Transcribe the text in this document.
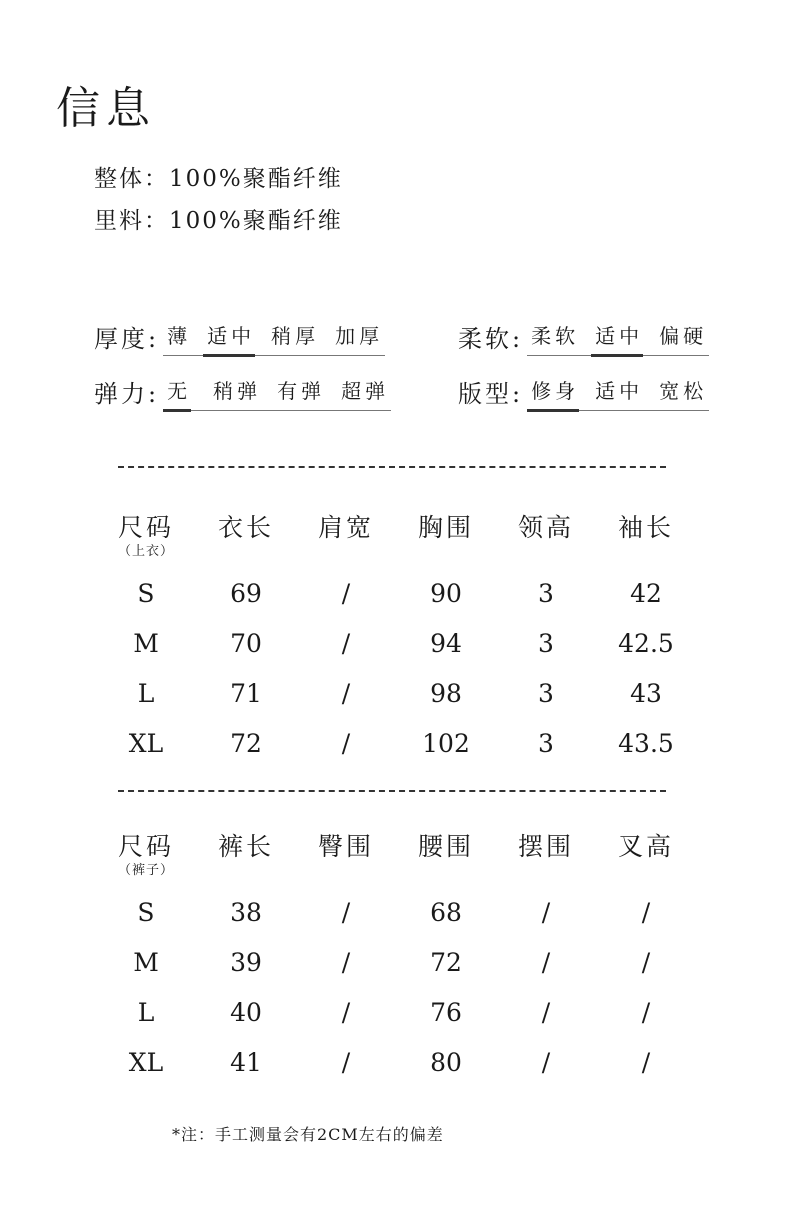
信息
整体：100%聚酯纤维
里料：100%聚酯纤维
厚度: 薄 适中 稍厚 加厚	柔软: 柔软 适中 偏硬
弹力: 无 稍弹 有弹 超弹	版型: 修身 适中 宽松
尺码
（上衣）
衣长	肩宽	胸围	领高	袖长
S	69	/	90	3	42
M	70	/	94	3	42.5
L	71	/	98	3	43
XL	72	/	102	3	43.5
尺码
（裤子）
裤长	臀围	腰围	摆围	叉高
S	38	/	68	/	/
M	39	/	72	/	/
L	40	/	76	/	/
XL	41	/	80	/	/
*注：手工测量会有2CM左右的偏差
